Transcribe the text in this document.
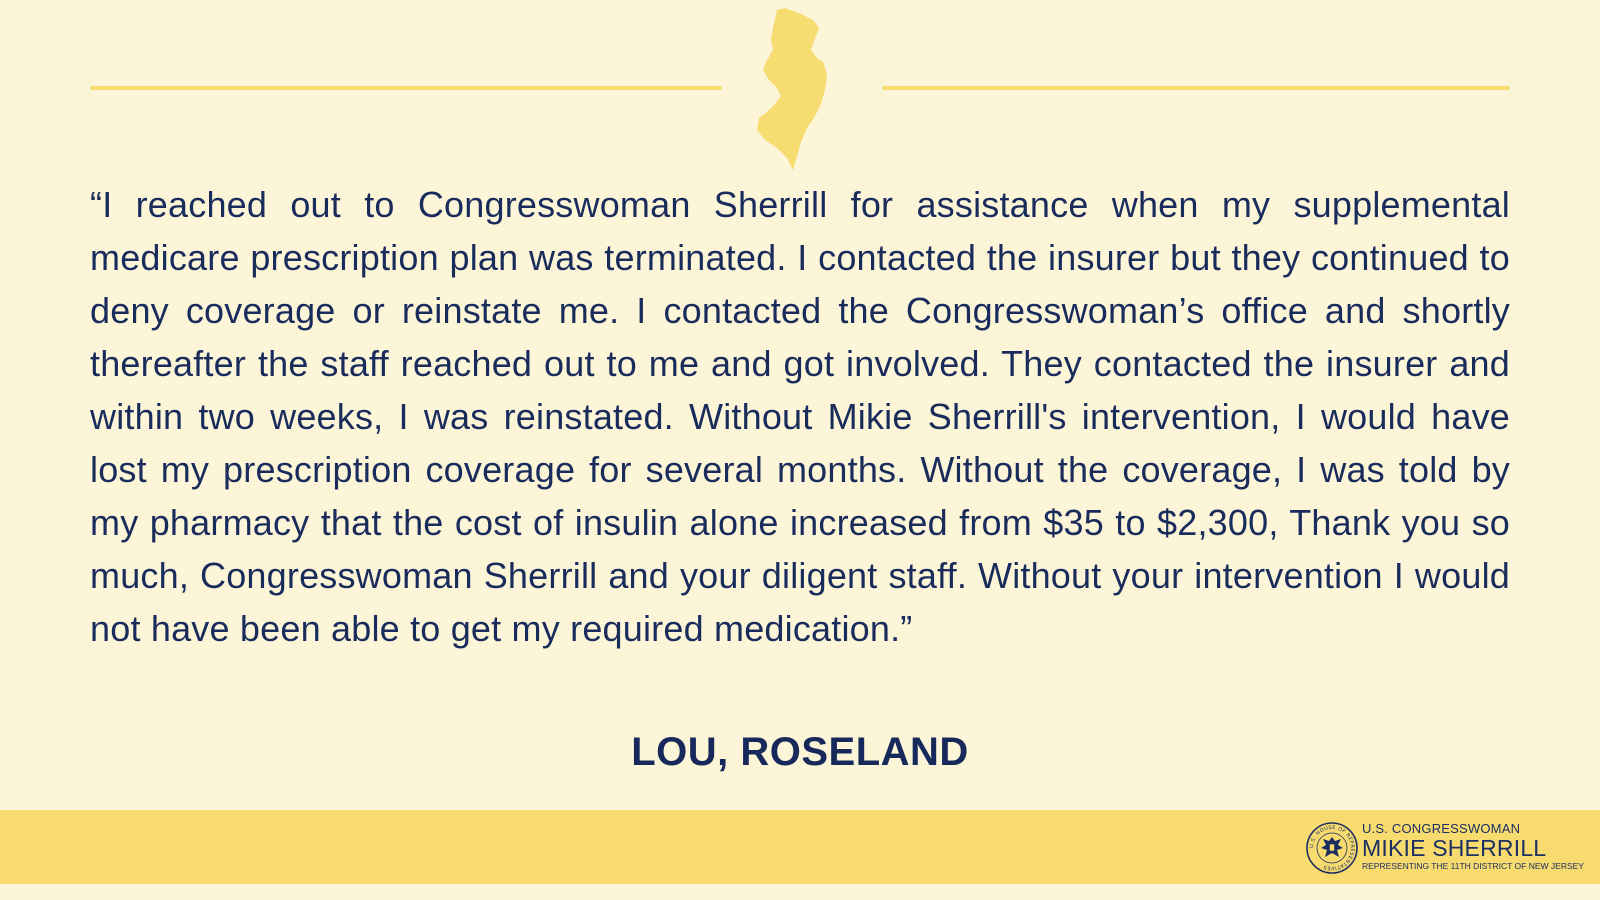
“I reached out to Congresswoman Sherrill for assistance when my supplemental medicare prescription plan was terminated. I contacted the insurer but they continued to deny coverage or reinstate me. I contacted the Congresswoman’s office and shortly thereafter the staff reached out to me and got involved. They contacted the insurer and within two weeks, I was reinstated. Without Mikie Sherrill's intervention, I would have lost my prescription coverage for several months. Without the coverage, I was told by my pharmacy that the cost of insulin alone increased from $35 to $2,300, Thank you so much, Congresswoman Sherrill and your diligent staff. Without your intervention I would not have been able to get my required medication.”

LOU, ROSELAND
U.S. HOUSE OF REPRESENTATIVES
U.S. CONGRESSWOMAN
MIKIE SHERRILL
REPRESENTING THE 11TH DISTRICT OF NEW JERSEY
